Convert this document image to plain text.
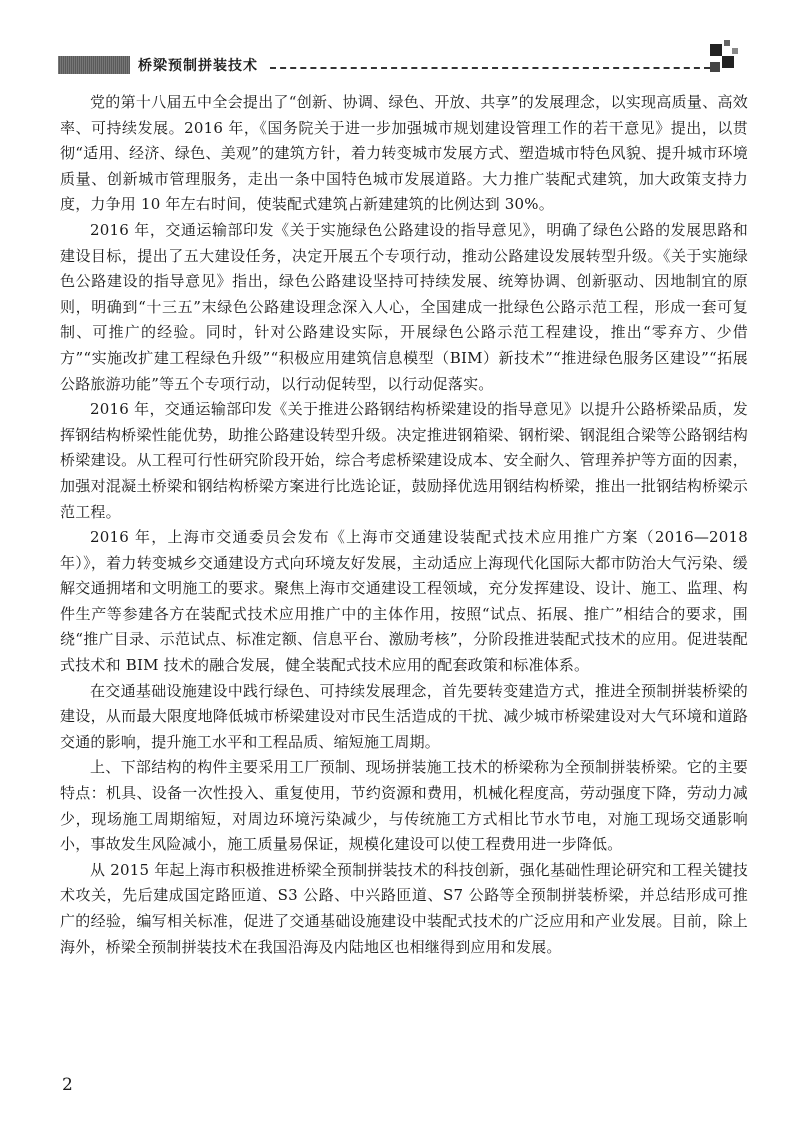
桥梁预制拼装技术

党的第十八届五中全会提出了“创新、协调、绿色、开放、共享”的发展理念，以实现高质量、高效率、可持续发展。2016 年，《国务院关于进一步加强城市规划建设管理工作的若干意见》提出，以贯彻“适用、经济、绿色、美观”的建筑方针，着力转变城市发展方式、塑造城市特色风貌、提升城市环境质量、创新城市管理服务，走出一条中国特色城市发展道路。大力推广装配式建筑，加大政策支持力度，力争用 10 年左右时间，使装配式建筑占新建建筑的比例达到 30%。

2016 年，交通运输部印发《关于实施绿色公路建设的指导意见》，明确了绿色公路的发展思路和建设目标，提出了五大建设任务，决定开展五个专项行动，推动公路建设发展转型升级。《关于实施绿色公路建设的指导意见》指出，绿色公路建设坚持可持续发展、统筹协调、创新驱动、因地制宜的原则，明确到“十三五”末绿色公路建设理念深入人心，全国建成一批绿色公路示范工程，形成一套可复制、可推广的经验。同时，针对公路建设实际，开展绿色公路示范工程建设，推出“零弃方、少借方”“实施改扩建工程绿色升级”“积极应用建筑信息模型（BIM）新技术”“推进绿色服务区建设”“拓展公路旅游功能”等五个专项行动，以行动促转型，以行动促落实。

2016 年，交通运输部印发《关于推进公路钢结构桥梁建设的指导意见》以提升公路桥梁品质，发挥钢结构桥梁性能优势，助推公路建设转型升级。决定推进钢箱梁、钢桁梁、钢混组合梁等公路钢结构桥梁建设。从工程可行性研究阶段开始，综合考虑桥梁建设成本、安全耐久、管理养护等方面的因素，加强对混凝土桥梁和钢结构桥梁方案进行比选论证，鼓励择优选用钢结构桥梁，推出一批钢结构桥梁示范工程。

2016 年，上海市交通委员会发布《上海市交通建设装配式技术应用推广方案（2016—2018 年）》，着力转变城乡交通建设方式向环境友好发展，主动适应上海现代化国际大都市防治大气污染、缓解交通拥堵和文明施工的要求。聚焦上海市交通建设工程领域，充分发挥建设、设计、施工、监理、构件生产等参建各方在装配式技术应用推广中的主体作用，按照“试点、拓展、推广”相结合的要求，围绕“推广目录、示范试点、标准定额、信息平台、激励考核”，分阶段推进装配式技术的应用。促进装配式技术和 BIM 技术的融合发展，健全装配式技术应用的配套政策和标准体系。

在交通基础设施建设中践行绿色、可持续发展理念，首先要转变建造方式，推进全预制拼装桥梁的建设，从而最大限度地降低城市桥梁建设对市民生活造成的干扰、减少城市桥梁建设对大气环境和道路交通的影响，提升施工水平和工程品质、缩短施工周期。

上、下部结构的构件主要采用工厂预制、现场拼装施工技术的桥梁称为全预制拼装桥梁。它的主要特点：机具、设备一次性投入、重复使用，节约资源和费用，机械化程度高，劳动强度下降，劳动力减少，现场施工周期缩短，对周边环境污染减少，与传统施工方式相比节水节电，对施工现场交通影响小，事故发生风险减小，施工质量易保证，规模化建设可以使工程费用进一步降低。

从 2015 年起上海市积极推进桥梁全预制拼装技术的科技创新，强化基础性理论研究和工程关键技术攻关，先后建成国定路匝道、S3 公路、中兴路匝道、S7 公路等全预制拼装桥梁，并总结形成可推广的经验，编写相关标准，促进了交通基础设施建设中装配式技术的广泛应用和产业发展。目前，除上海外，桥梁全预制拼装技术在我国沿海及内陆地区也相继得到应用和发展。

2
